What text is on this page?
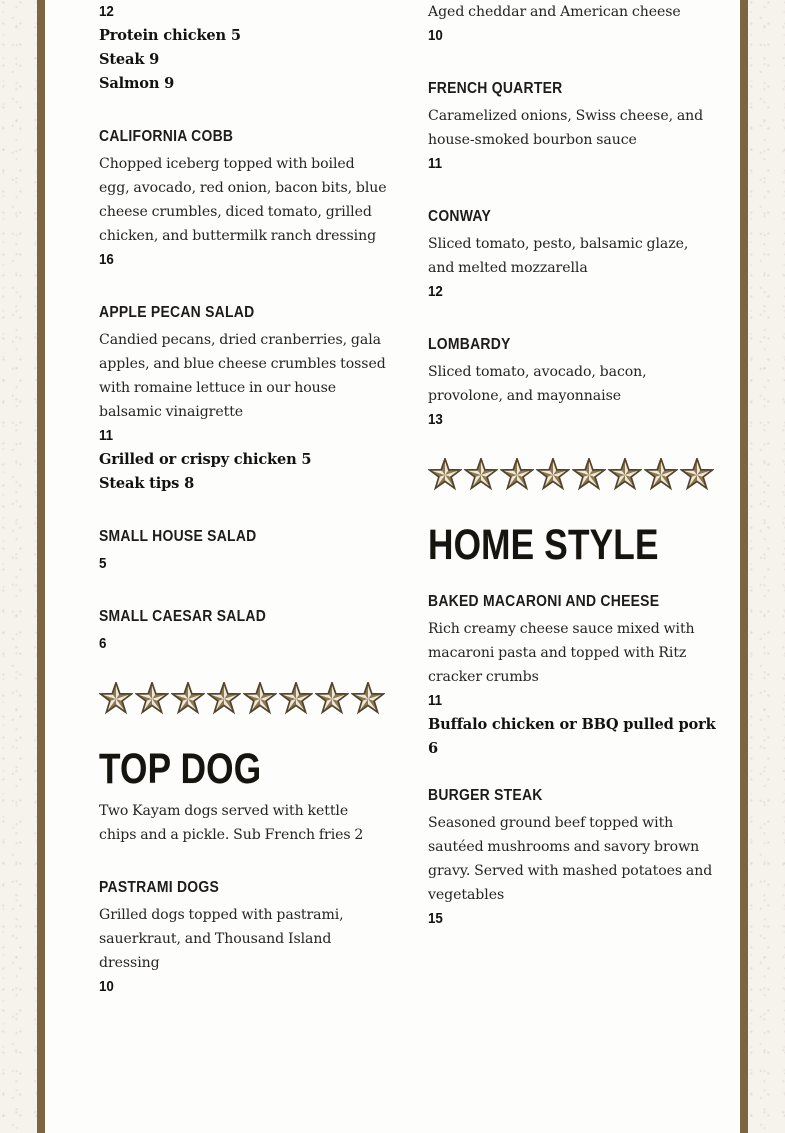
12

Protein chicken 5

Steak 9

Salmon 9

CALIFORNIA COBB

Chopped iceberg topped with boiled egg, avocado, red onion, bacon bits, blue cheese crumbles, diced tomato, grilled chicken, and buttermilk ranch dressing

16

APPLE PECAN SALAD

Candied pecans, dried cranberries, gala apples, and blue cheese crumbles tossed with romaine lettuce in our house balsamic vinaigrette

11

Grilled or crispy chicken 5

Steak tips 8

SMALL HOUSE SALAD

5

SMALL CAESAR SALAD

6

TOP DOG

Two Kayam dogs served with kettle chips and a pickle. Sub French fries 2

PASTRAMI DOGS

Grilled dogs topped with pastrami, sauerkraut, and Thousand Island dressing

10

Aged cheddar and American cheese

10

FRENCH QUARTER

Caramelized onions, Swiss cheese, and house-smoked bourbon sauce

11

CONWAY

Sliced tomato, pesto, balsamic glaze, and melted mozzarella

12

LOMBARDY

Sliced tomato, avocado, bacon, provolone, and mayonnaise

13

HOME STYLE

BAKED MACARONI AND CHEESE

Rich creamy cheese sauce mixed with macaroni pasta and topped with Ritz cracker crumbs

11

Buffalo chicken or BBQ pulled pork 6

BURGER STEAK

Seasoned ground beef topped with sautéed mushrooms and savory brown gravy. Served with mashed potatoes and vegetables

15
